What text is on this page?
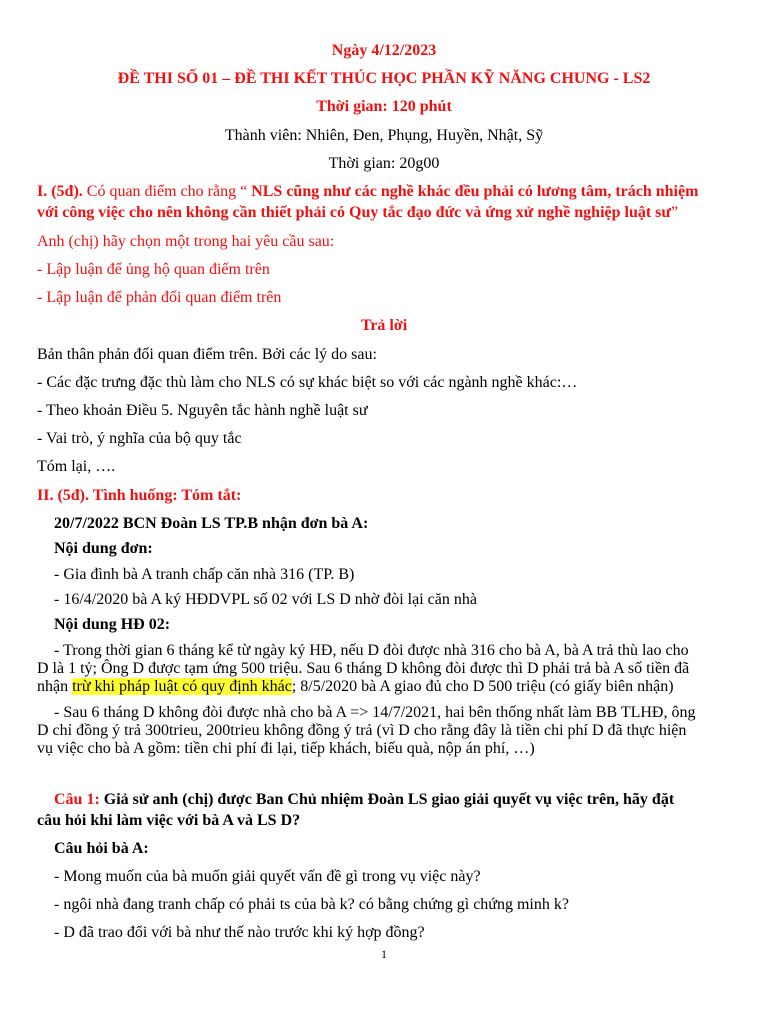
Ngày 4/12/2023
ĐỀ THI SỐ 01 – ĐỀ THI KẾT THÚC HỌC PHẦN KỸ NĂNG CHUNG - LS2
Thời gian: 120 phút
Thành viên: Nhiên, Đen, Phụng, Huyền, Nhật, Sỹ
Thời gian: 20g00
I. (5đ). Có quan điểm cho rằng “ NLS cũng như các nghề khác đều phải có lương tâm, trách nhiệm
với công việc cho nên không cần thiết phải có Quy tắc đạo đức và ứng xử nghề nghiệp luật sư”
Anh (chị) hãy chọn một trong hai yêu cầu sau:
- Lập luận để ủng hộ quan điểm trên
- Lập luận để phản đối quan điểm trên
Trả lời
Bản thân phản đối quan điểm trên. Bởi các lý do sau:
- Các đặc trưng đặc thù làm cho NLS có sự khác biệt so với các ngành nghề khác:…
- Theo khoản Điều 5. Nguyên tắc hành nghề luật sư
- Vai trò, ý nghĩa của bộ quy tắc
Tóm lại, ….
II. (5đ). Tình huống: Tóm tắt:
20/7/2022 BCN Đoàn LS TP.B nhận đơn bà A:
Nội dung đơn:
- Gia đình bà A tranh chấp căn nhà 316 (TP. B)
- 16/4/2020 bà A ký HĐDVPL số 02 với LS D nhờ đòi lại căn nhà
Nội dung HĐ 02:
- Trong thời gian 6 tháng kể từ ngày ký HĐ, nếu D đòi được nhà 316 cho bà A, bà A trả thù lao cho
D là 1 tỷ; Ông D được tạm ứng 500 triệu. Sau 6 tháng D không đòi được thì D phải trả bà A số tiền đã
nhận trừ khi pháp luật có quy định khác; 8/5/2020 bà A giao đủ cho D 500 triệu (có giấy biên nhận)
- Sau 6 tháng D không đòi được nhà cho bà A => 14/7/2021, hai bên thống nhất làm BB TLHĐ, ông
D chỉ đồng ý trả 300trieu, 200trieu không đồng ý trả (vì D cho rằng đây là tiền chi phí D đã thực hiện
vụ việc cho bà A gồm: tiền chi phí đi lại, tiếp khách, biếu quà, nộp án phí, …)
Câu 1: Giả sử anh (chị) được Ban Chủ nhiệm Đoàn LS giao giải quyết vụ việc trên, hãy đặt
câu hỏi khi làm việc với bà A và LS D?
Câu hỏi bà A:
- Mong muốn của bà muốn giải quyết vấn đề gì trong vụ việc này?
- ngôi nhà đang tranh chấp có phải ts của bà k? có bằng chứng gì chứng minh k?
- D đã trao đổi với bà như thế nào trước khi ký hợp đồng?
1
